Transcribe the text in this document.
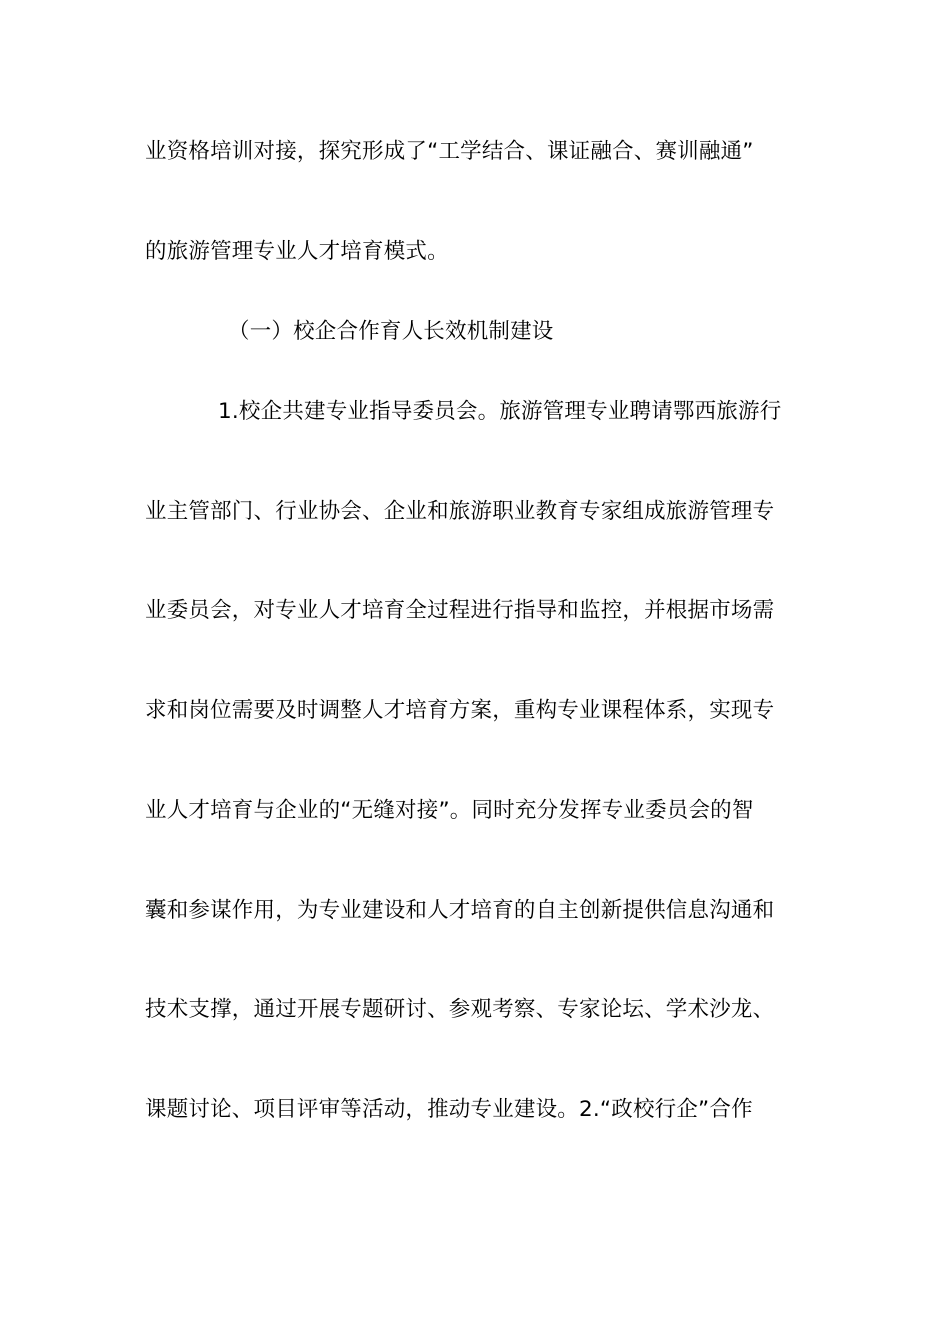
业资格培训对接，探究形成了“工学结合、课证融合、赛训融通”
的旅游管理专业人才培育模式。
（一）校企合作育人长效机制建设
1.校企共建专业指导委员会。旅游管理专业聘请鄂西旅游行
业主管部门、行业协会、企业和旅游职业教育专家组成旅游管理专
业委员会，对专业人才培育全过程进行指导和监控，并根据市场需
求和岗位需要及时调整人才培育方案，重构专业课程体系，实现专
业人才培育与企业的“无缝对接”。同时充分发挥专业委员会的智
囊和参谋作用，为专业建设和人才培育的自主创新提供信息沟通和
技术支撑，通过开展专题研讨、参观考察、专家论坛、学术沙龙、
课题讨论、项目评审等活动，推动专业建设。2.“政校行企”合作
